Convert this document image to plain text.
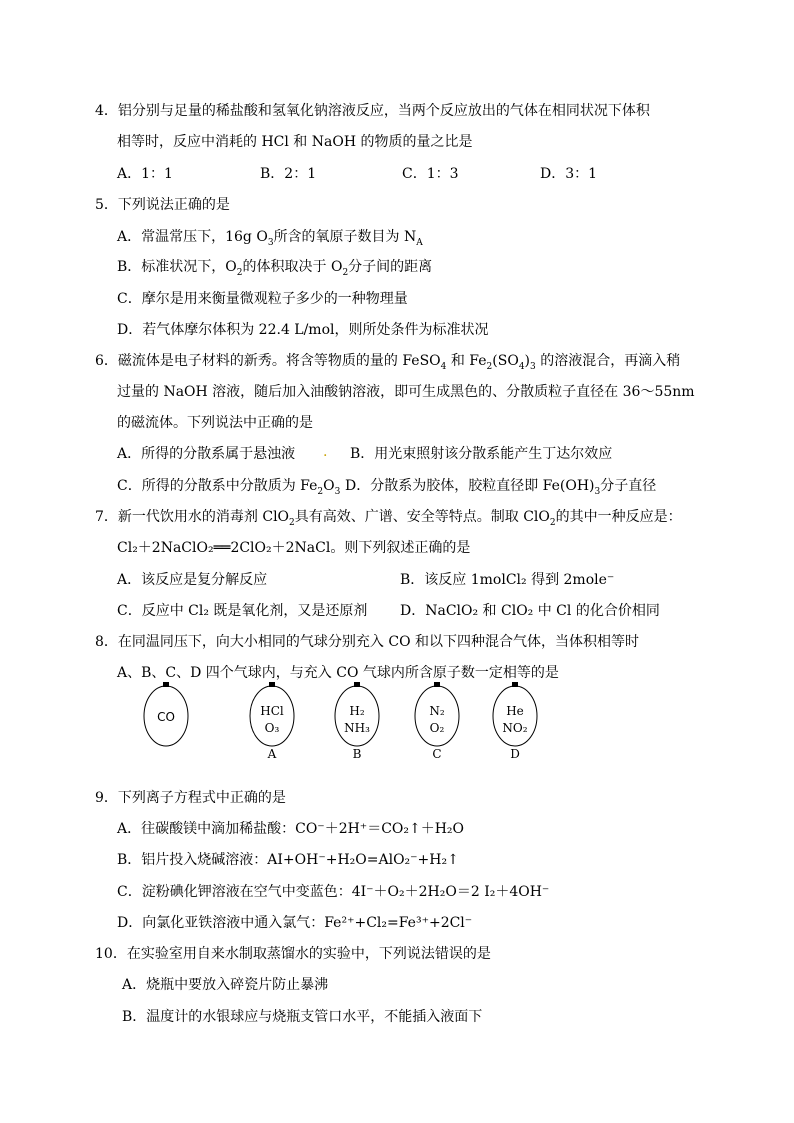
4．铝分别与足量的稀盐酸和氢氧化钠溶液反应，当两个反应放出的气体在相同状况下体积
相等时，反应中消耗的 HCl 和 NaOH 的物质的量之比是
A．1：1	B．2：1	C．1：3	D．3：1
5．下列说法正确的是
A．常温常压下，16g $O_3$所含的氧原子数目为 $N_A$
B．标准状况下，$O_2$的体积取决于 $O_2$分子间的距离
C．摩尔是用来衡量微观粒子多少的一种物理量
D．若气体摩尔体积为 22.4 L/mol，则所处条件为标准状况
6．磁流体是电子材料的新秀。将含等物质的量的 FeSO$_4$ 和 $Fe_2(SO_4)_3$ 的溶液混合，再滴入稍
过量的 NaOH 溶液，随后加入油酸钠溶液，即可生成黑色的、分散质粒子直径在 36～55nm
的磁流体。下列说法中正确的是
A．所得的分散系属于悬浊液 . B．用光束照射该分散系能产生丁达尔效应
C．所得的分散系中分散质为 $Fe_2O_3$ D．分散系为胶体，胶粒直径即 $Fe(OH)_3$分子直径
7．新一代饮用水的消毒剂 ClO$_2$具有高效、广谱、安全等特点。制取 ClO$_2$的其中一种反应是：
Cl₂＋2NaClO₂══2ClO₂＋2NaCl。则下列叙述正确的是
A．该反应是复分解反应	B．该反应 1molCl₂ 得到 2mole⁻
C．反应中 Cl₂ 既是氧化剂，又是还原剂 D．NaClO₂ 和 ClO₂ 中 Cl 的化合价相同
8．在同温同压下，向大小相同的气球分别充入 CO 和以下四种混合气体，当体积相等时
A、B、C、D 四个气球内，与充入 CO 气球内所含原子数一定相等的是
CO	HCl
O₃
A
H₂
NH₃
B
N₂
O₂
C
He
NO₂
D
9．下列离子方程式中正确的是
A．往碳酸镁中滴加稀盐酸：CO⁻＋2H⁺＝CO₂↑＋H₂O
B．铝片投入烧碱溶液：AI+OH⁻+H₂O=AlO₂⁻+H₂↑
C．淀粉碘化钾溶液在空气中变蓝色：4I⁻＋O₂＋2H₂O＝2 I₂＋4OH⁻
D．向氯化亚铁溶液中通入氯气：Fe²⁺+Cl₂=Fe³⁺+2Cl⁻
10．在实验室用自来水制取蒸馏水的实验中，下列说法错误的是
A．烧瓶中要放入碎瓷片防止暴沸
B．温度计的水银球应与烧瓶支管口水平，不能插入液面下
